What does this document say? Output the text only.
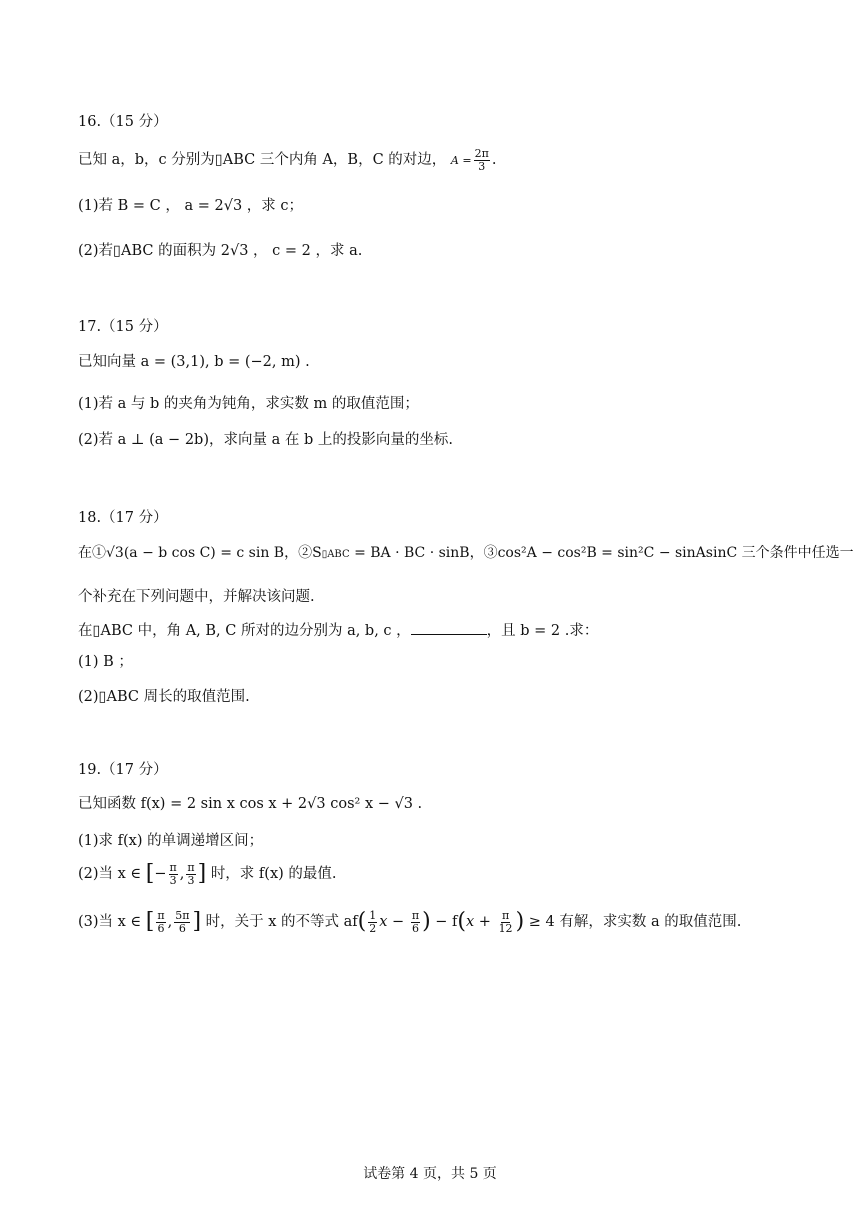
16.（15 分）
已知 a，b，c 分别为▯ABC 三个内角 A，B，C 的对边， $A = \frac{2\pi}{3}$ .
(1)若 B = C ， a = 2√3 ，求 c；
(2)若▯ABC 的面积为 2√3 ， c = 2 ，求 a.
17.（15 分）
已知向量 a = (3,1), b = (−2, m) .
(1)若 a 与 b 的夹角为钝角，求实数 m 的取值范围；
(2)若 a ⊥ (a − 2b)，求向量 a 在 b 上的投影向量的坐标.
18.（17 分）
在①√3(a − b cos C) = c sin B，②S▯ABC = BA · BC · sinB，③cos²A − cos²B = sin²C − sinAsinC 三个条件中任选一
个补充在下列问题中，并解决该问题.
在▯ABC 中，角 A, B, C 所对的边分别为 a, b, c ，	，且 b = 2 .求：
(1) B ；
(2)▯ABC 周长的取值范围.
19.（17 分）
已知函数 f(x) = 2 sin x cos x + 2√3 cos² x − √3 .
(1)求 f(x) 的单调递增区间；
(2)当 x ∈ [− $\frac{\pi}{3}$ , $\frac{\pi}{3}$ ] 时，求 f(x) 的最值.
(3)当 x ∈ [ $\frac{\pi}{6}$ , $\frac{5\pi}{6}$ ] 时，关于 x 的不等式 $af( \frac{1}{2}$ $x - \frac{\pi}{6}$ ) − $f(x + \frac{\pi}{12}$ ) ≥ 4 有解，求实数 a 的取值范围.
试卷第 4 页，共 5 页
